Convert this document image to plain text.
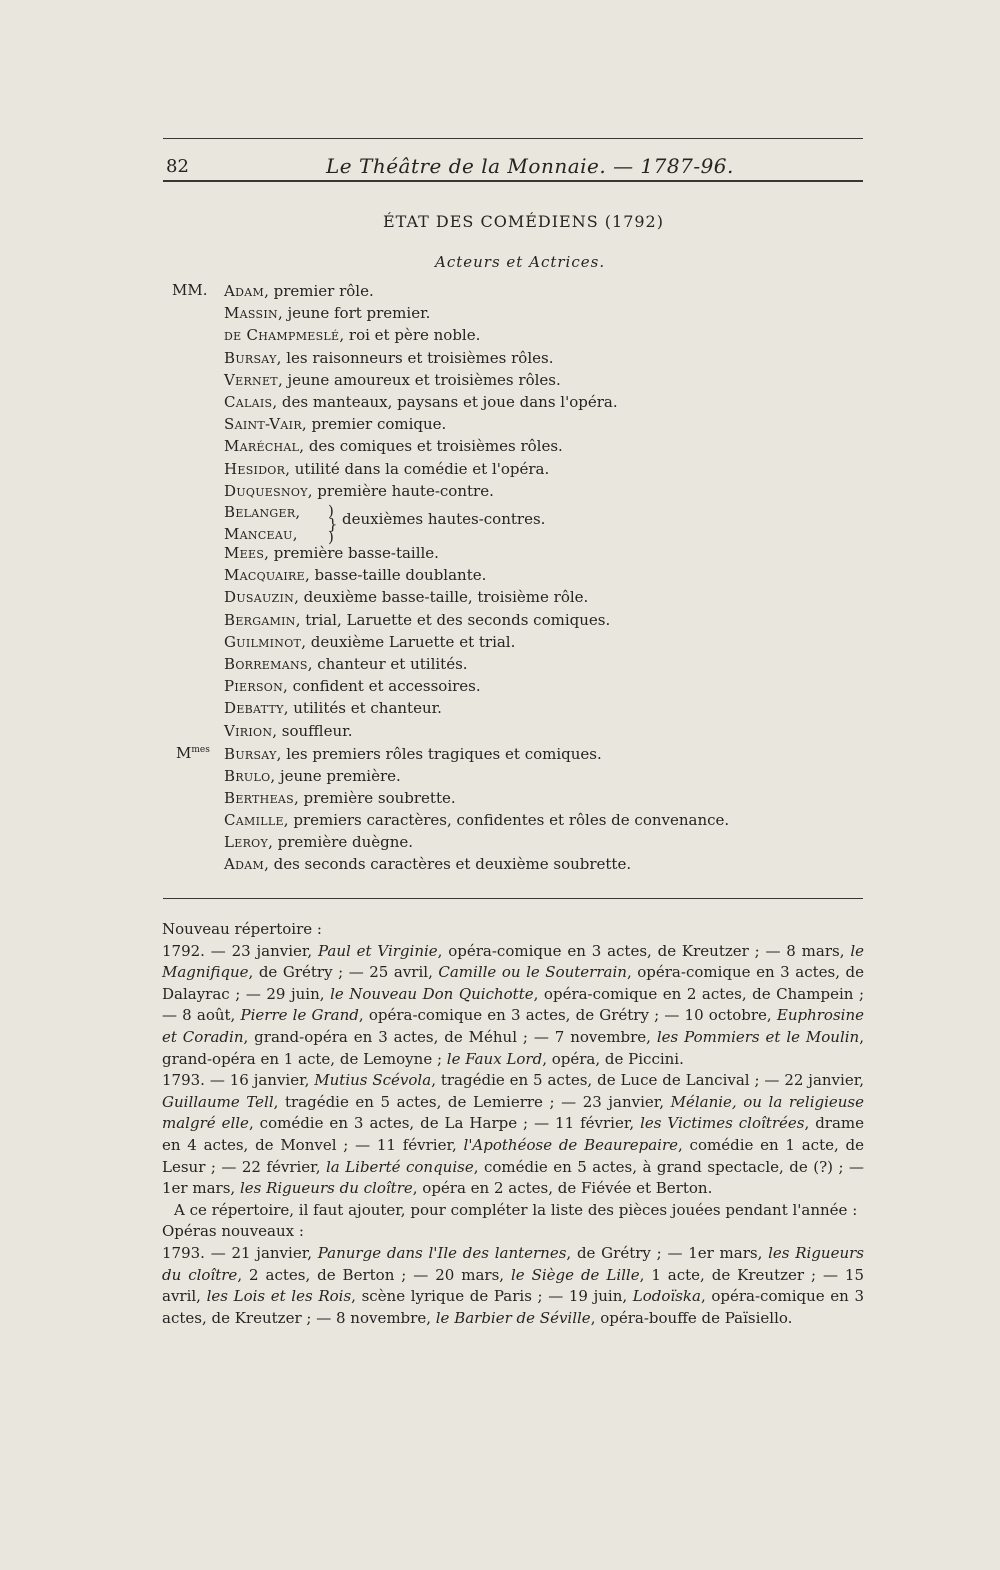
82	Le Théâtre de la Monnaie. — 1787-96.
ÉTAT DES COMÉDIENS (1792)
Acteurs et Actrices.
MM. Adam, premier rôle.
Massin, jeune fort premier.
de Champmeslé, roi et père noble.
Bursay, les raisonneurs et troisièmes rôles.
Vernet, jeune amoureux et troisièmes rôles.
Calais, des manteaux, paysans et joue dans l'opéra.
Saint-Vair, premier comique.
Maréchal, des comiques et troisièmes rôles.
Hesidor, utilité dans la comédie et l'opéra.
Duquesnoy, première haute-contre.
Belanger,
Manceau,
)
}
)
deuxièmes hautes-contres.
Mees, première basse-taille.
Macquaire, basse-taille doublante.
Dusauzin, deuxième basse-taille, troisième rôle.
Bergamin, trial, Laruette et des seconds comiques.
Guilminot, deuxième Laruette et trial.
Borremans, chanteur et utilités.
Pierson, confident et accessoires.
Debatty, utilités et chanteur.
Virion, souffleur.
$M^{mes}$ Bursay, les premiers rôles tragiques et comiques.
Brulo, jeune première.
Bertheas, première soubrette.
Camille, premiers caractères, confidentes et rôles de convenance.
Leroy, première duègne.
Adam, des seconds caractères et deuxième soubrette.

Nouveau répertoire :

1792. — 23 janvier, Paul et Virginie, opéra-comique en 3 actes, de Kreutzer ; — 8 mars, le Magnifique, de Grétry ; — 25 avril, Camille ou le Souterrain, opéra-comique en 3 actes, de Dalayrac ; — 29 juin, le Nouveau Don Quichotte, opéra-comique en 2 actes, de Champein ; — 8 août, Pierre le Grand, opéra-comique en 3 actes, de Grétry ; — 10 octobre, Euphrosine et Coradin, grand-opéra en 3 actes, de Méhul ; — 7 novembre, les Pommiers et le Moulin, grand-opéra en 1 acte, de Lemoyne ; le Faux Lord, opéra, de Piccini.

1793. — 16 janvier, Mutius Scévola, tragédie en 5 actes, de Luce de Lancival ; — 22 janvier, Guillaume Tell, tragédie en 5 actes, de Lemierre ; — 23 janvier, Mélanie, ou la religieuse malgré elle, comédie en 3 actes, de La Harpe ; — 11 février, les Victimes cloîtrées, drame en 4 actes, de Monvel ; — 11 février, l'Apothéose de Beaurepaire, comédie en 1 acte, de Lesur ; — 22 février, la Liberté conquise, comédie en 5 actes, à grand spectacle, de (?) ; — 1er mars, les Rigueurs du cloître, opéra en 2 actes, de Fiévée et Berton.

A ce répertoire, il faut ajouter, pour compléter la liste des pièces jouées pendant l'année :

Opéras nouveaux :

1793. — 21 janvier, Panurge dans l'Ile des lanternes, de Grétry ; — 1er mars, les Rigueurs du cloître, 2 actes, de Berton ; — 20 mars, le Siège de Lille, 1 acte, de Kreutzer ; — 15 avril, les Lois et les Rois, scène lyrique de Paris ; — 19 juin, Lodoïska, opéra-comique en 3 actes, de Kreutzer ; — 8 novembre, le Barbier de Séville, opéra-bouffe de Païsiello.
